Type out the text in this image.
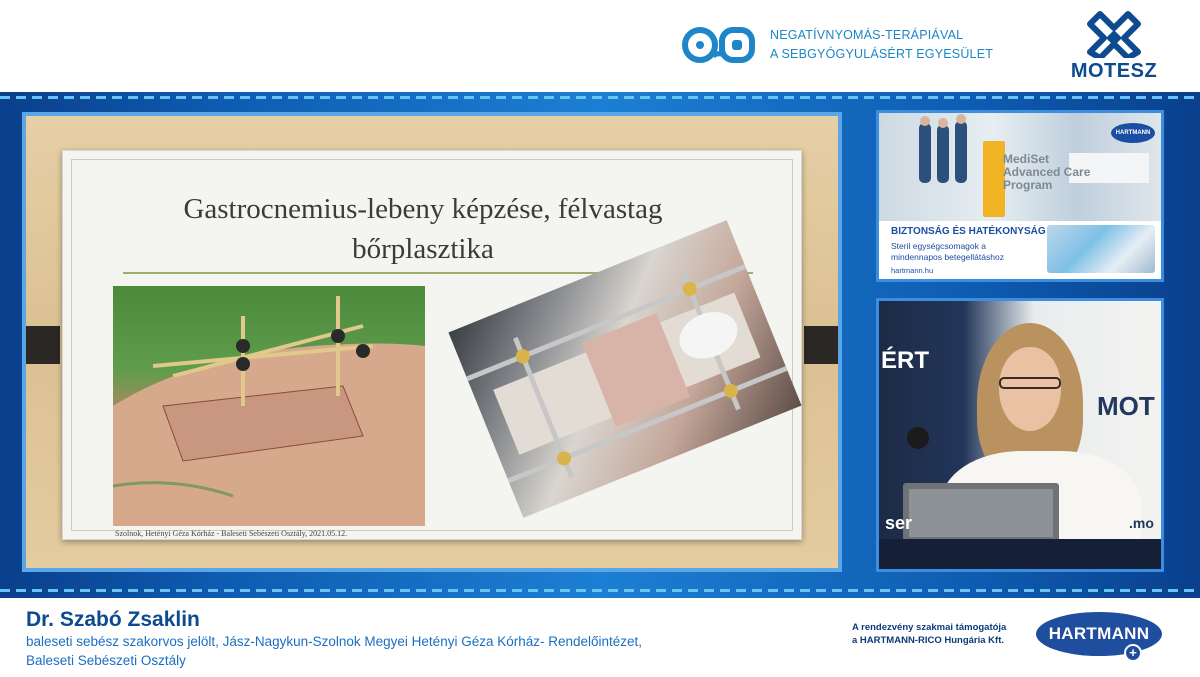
NEGATÍVNYOMÁS-TERÁPIÁVAL
A SEBGYÓGYULÁSÉRT EGYESÜLET
MOTESZ
Gastrocnemius-lebeny képzése, félvastag
bőrplasztika
Szolnok, Hetényi Géza Kórház - Baleseti Sebészeti Osztály, 2021.05.12.
MediSet
Advanced Care
Program
HARTMANN
BIZTONSÁG ÉS HATÉKONYSÁG
Steril egységcsomagok a
mindennapos betegellátáshoz
hartmann.hu
ÉRT
MOT
ser	.mo
Dr. Szabó Zsaklin
baleseti sebész szakorvos jelölt, Jász-Nagykun-Szolnok Megyei Hetényi Géza Kórház- Rendelőintézet,
Baleseti Sebészeti Osztály
A rendezvény szakmai támogatója
a HARTMANN-RICO Hungária Kft.	HARTMANN
+
